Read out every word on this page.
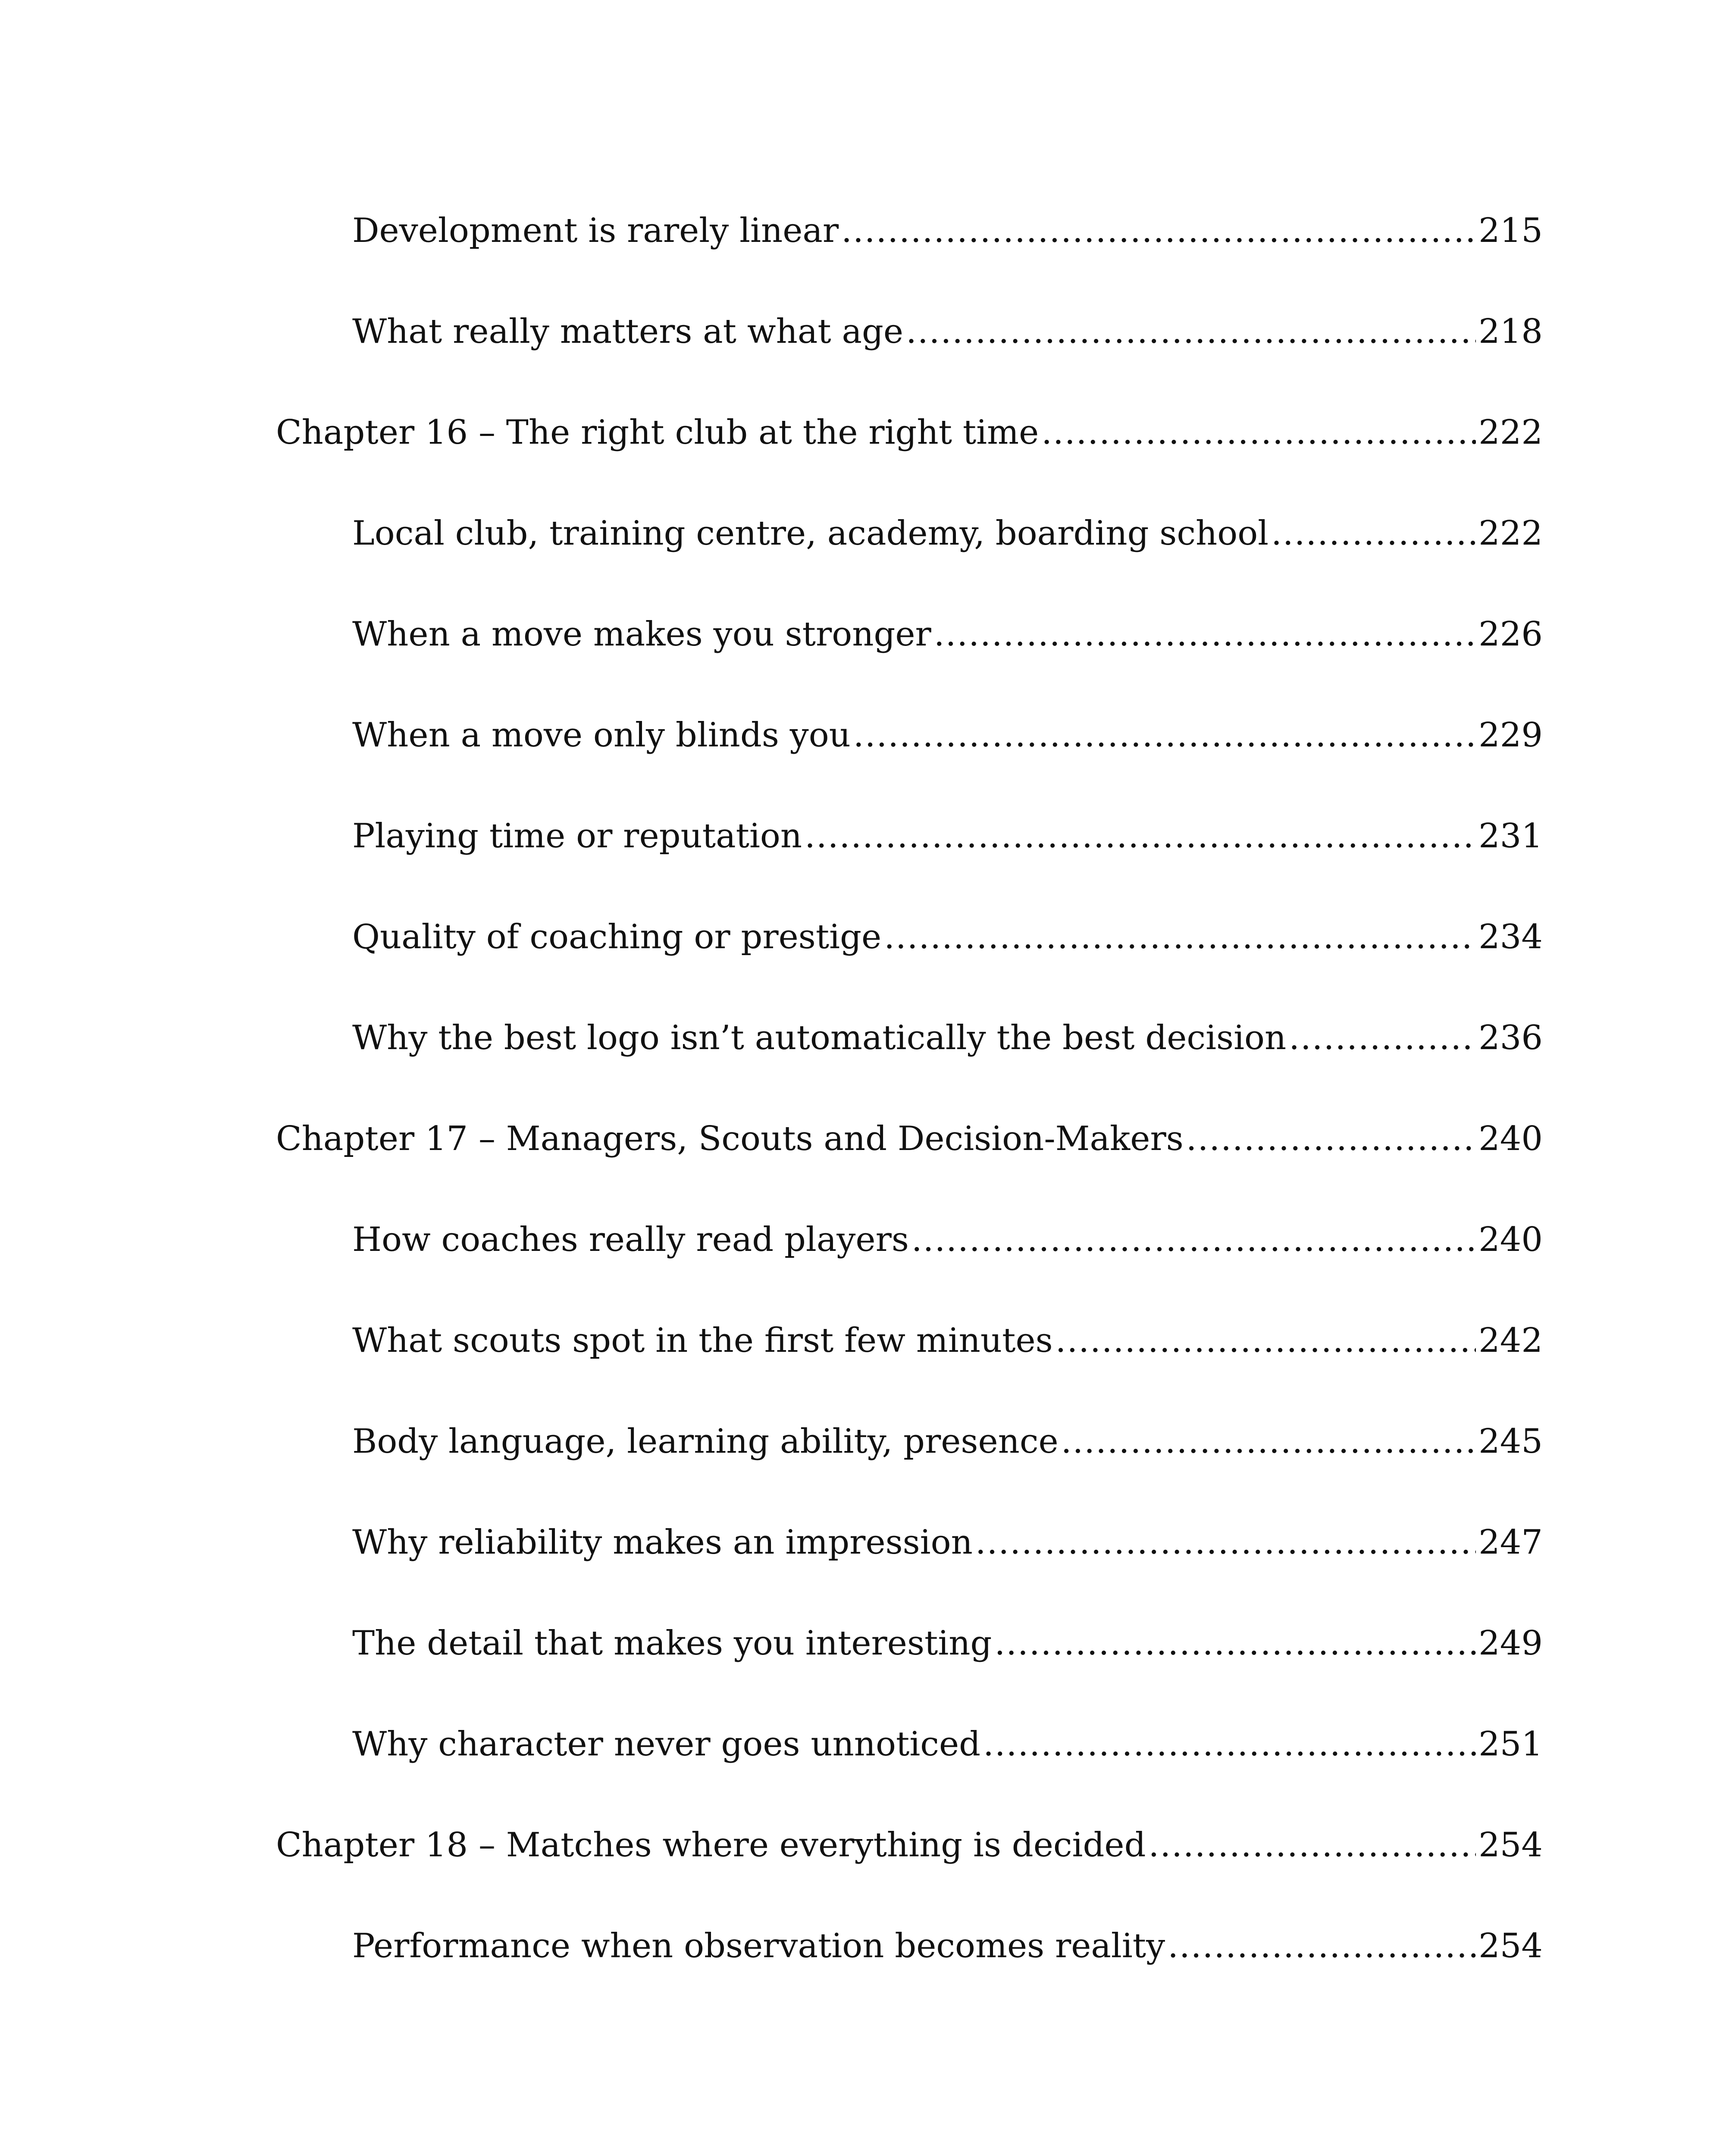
Development is rarely linear .....	215
What really matters at what age .....	218
Chapter 16 – The right club at the right time .....	222
Local club, training centre, academy, boarding school .....	222
When a move makes you stronger .....	226
When a move only blinds you .....	229
Playing time or reputation .....	231
Quality of coaching or prestige .....	234
Why the best logo isn’t automatically the best decision .....	236
Chapter 17 – Managers, Scouts and Decision-Makers .....	240
How coaches really read players .....	240
What scouts spot in the first few minutes .....	242
Body language, learning ability, presence .....	245
Why reliability makes an impression .....	247
The detail that makes you interesting .....	249
Why character never goes unnoticed .....	251
Chapter 18 – Matches where everything is decided .....	254
Performance when observation becomes reality .....	254
